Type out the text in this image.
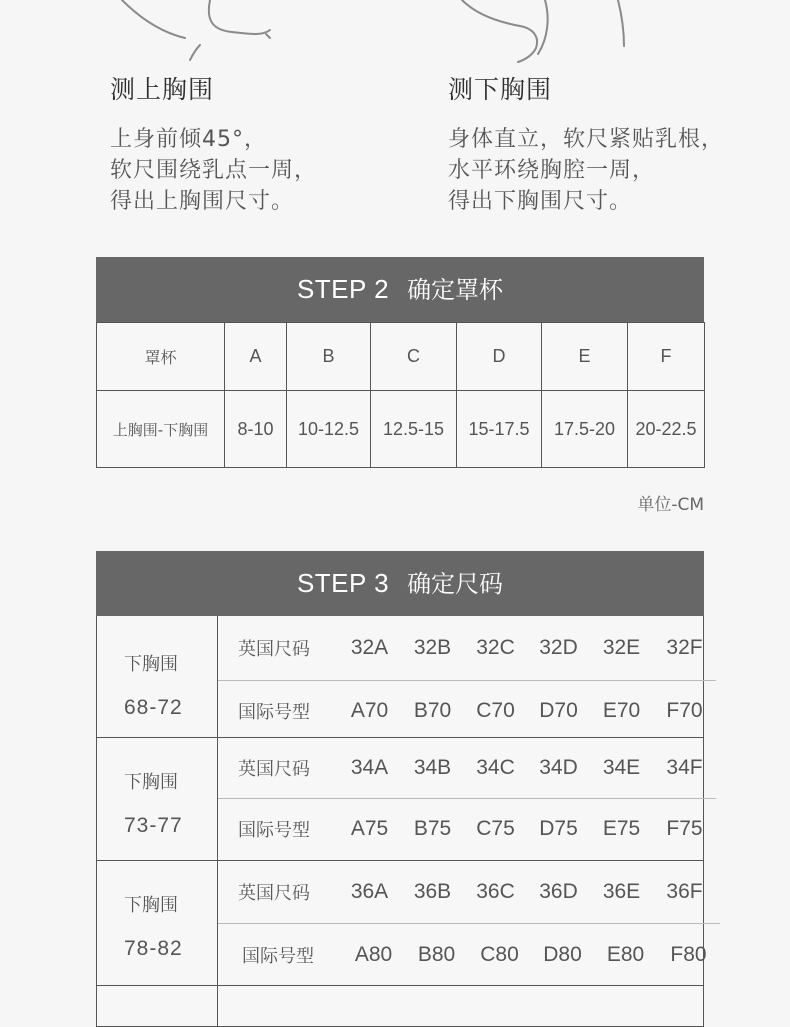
测上胸围

上身前倾45°，
软尺围绕乳点一周，
得出上胸围尺寸。

测下胸围

身体直立，软尺紧贴乳根，
水平环绕胸腔一周，
得出下胸围尺寸。

STEP 2 确定罩杯
罩杯	A	B	C	D	E	F
上胸围-下胸围	8-10	10-12.5	12.5-15	15-17.5	17.5-20	20-22.5
单位-CM
STEP 3 确定尺码
下胸围
68-72
英国尺码	32A	32B	32C	32D	32E	32F
国际号型	A70	B70	C70	D70	E70	F70
下胸围
73-77
英国尺码	34A	34B	34C	34D	34E	34F
国际号型	A75	B75	C75	D75	E75	F75
下胸围
78-82
英国尺码	36A	36B	36C	36D	36E	36F
国际号型	A80	B80	C80	D80	E80	F80
